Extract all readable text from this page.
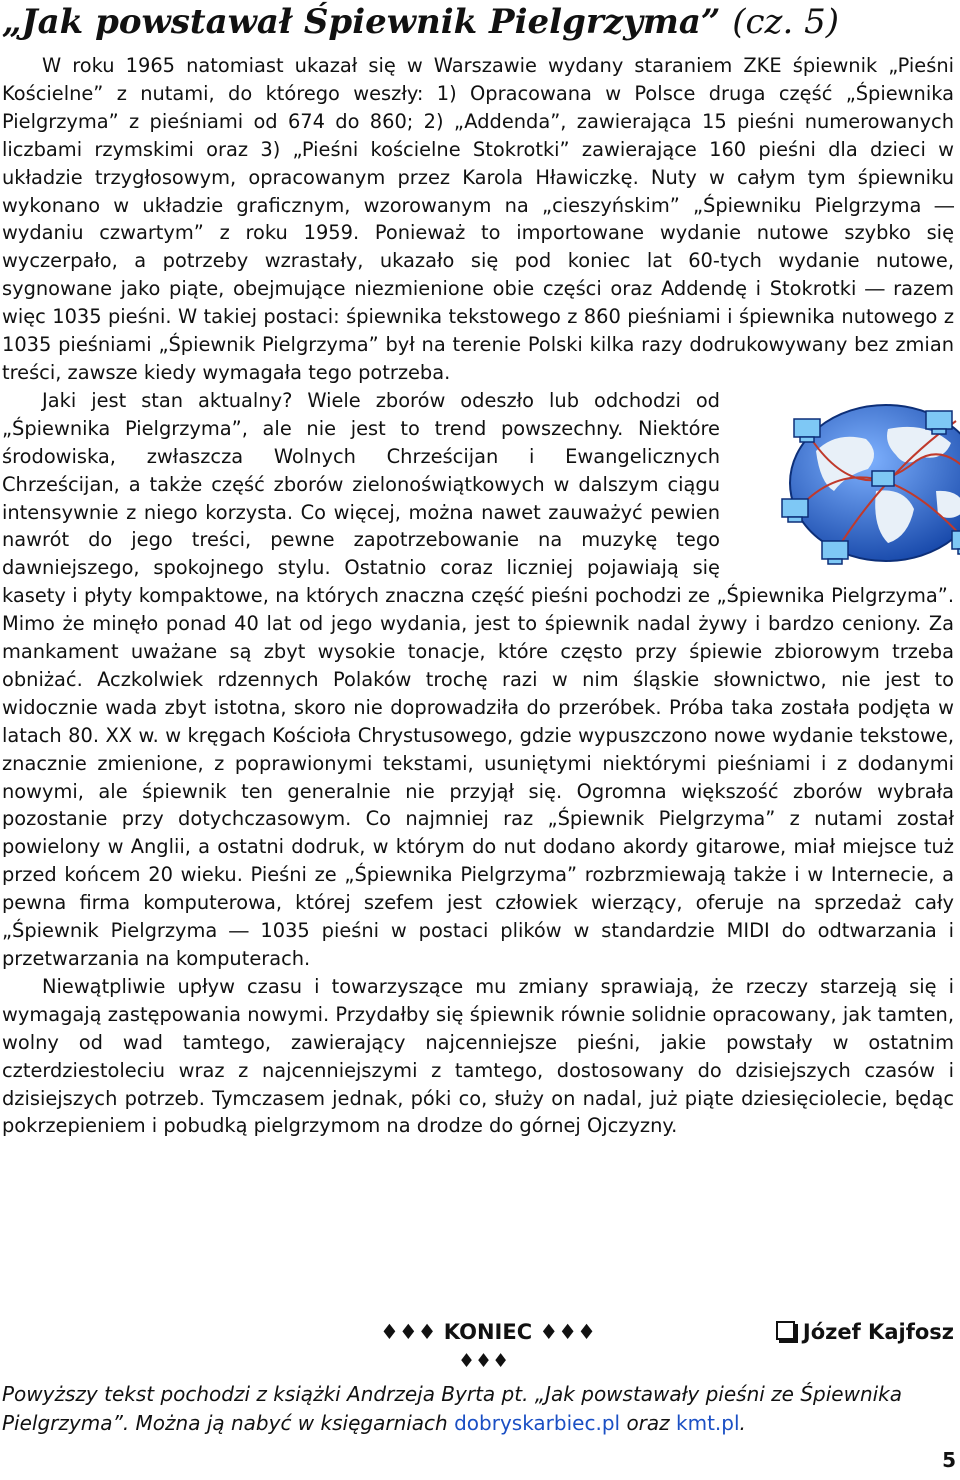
„Jak powstawał Śpiewnik Pielgrzyma” (cz. 5)

W roku 1965 natomiast ukazał się w Warszawie wydany staraniem ZKE śpiewnik „Pieśni Kościelne” z nutami, do którego weszły: 1) Opracowana w Polsce druga część „Śpiewnika Pielgrzyma” z pieśniami od 674 do 860; 2) „Addenda”, zawierająca 15 pieśni numerowanych liczbami rzymskimi oraz 3) „Pieśni kościelne Stokrotki” zawierające 160 pieśni dla dzieci w układzie trzygłosowym, opracowanym przez Karola Hławiczkę. Nuty w całym tym śpiewniku wykonano w układzie graficznym, wzorowanym na „cieszyńskim” „Śpiewniku Pielgrzyma ― wydaniu czwartym” z roku 1959. Ponieważ to importowane wydanie nutowe szybko się wyczerpało, a potrzeby wzrastały, ukazało się pod koniec lat 60-tych wydanie nutowe, sygnowane jako piąte, obejmujące niezmienione obie części oraz Addendę i Stokrotki ― razem więc 1035 pieśni. W takiej postaci: śpiewnika tekstowego z 860 pieśniami i śpiewnika nutowego z 1035 pieśniami „Śpiewnik Pielgrzyma” był na terenie Polski kilka razy dodrukowywany bez zmian treści, zawsze kiedy wymagała tego potrzeba.

Jaki jest stan aktualny? Wiele zborów odeszło lub odchodzi od „Śpiewnika Pielgrzyma”, ale nie jest to trend powszechny. Niektóre środowiska, zwłaszcza Wolnych Chrześcijan i Ewangelicznych Chrześcijan, a także część zborów zielonoświątkowych w dalszym ciągu intensywnie z niego korzysta. Co więcej, można nawet zauważyć pewien nawrót do jego treści, pewne zapotrzebowanie na muzykę tego dawniejszego, spokojnego stylu. Ostatnio coraz liczniej pojawiają się kasety i płyty kompaktowe, na których znaczna część pieśni pochodzi ze „Śpiewnika Pielgrzyma”. Mimo że minęło ponad 40 lat od jego wydania, jest to śpiewnik nadal żywy i bardzo ceniony. Za mankament uważane są zbyt wysokie tonacje, które często przy śpiewie zbiorowym trzeba obniżać. Aczkolwiek rdzennych Polaków trochę razi w nim śląskie słownictwo, nie jest to widocznie wada zbyt istotna, skoro nie doprowadziła do przeróbek. Próba taka została podjęta w latach 80. XX w. w kręgach Kościoła Chrystusowego, gdzie wypuszczono nowe wydanie tekstowe, znacznie zmienione, z poprawionymi tekstami, usuniętymi niektórymi pieśniami i z dodanymi nowymi, ale śpiewnik ten generalnie nie przyjął się. Ogromna większość zborów wybrała pozostanie przy dotychczasowym. Co najmniej raz „Śpiewnik Pielgrzyma” z nutami został powielony w Anglii, a ostatni dodruk, w którym do nut dodano akordy gitarowe, miał miejsce tuż przed końcem 20 wieku. Pieśni ze „Śpiewnika Pielgrzyma” rozbrzmiewają także i w Internecie, a pewna firma komputerowa, której szefem jest człowiek wierzący, oferuje na sprzedaż cały „Śpiewnik Pielgrzyma ― 1035 pieśni w postaci plików w standardzie MIDI do odtwarzania i przetwarzania na komputerach.

Niewątpliwie upływ czasu i towarzyszące mu zmiany sprawiają, że rzeczy starzeją się i wymagają zastępowania nowymi. Przydałby się śpiewnik równie solidnie opracowany, jak tamten, wolny od wad tamtego, zawierający najcenniejsze pieśni, jakie powstały w ostatnim czterdziestoleciu wraz z najcenniejszymi z tamtego, dostosowany do dzisiejszych czasów i dzisiejszych potrzeb. Tymczasem jednak, póki co, służy on nadal, już piąte dziesięciolecie, będąc pokrzepieniem i pobudką pielgrzymom na drodze do górnej Ojczyzny.

♦♦♦ KONIEC ♦♦♦	Józef Kajfosz
♦♦♦
Powyższy tekst pochodzi z książki Andrzeja Byrta pt. „Jak powstawały pieśni ze Śpiewnika Pielgrzyma”. Można ją nabyć w księgarniach dobryskarbiec.pl oraz kmt.pl.
5
